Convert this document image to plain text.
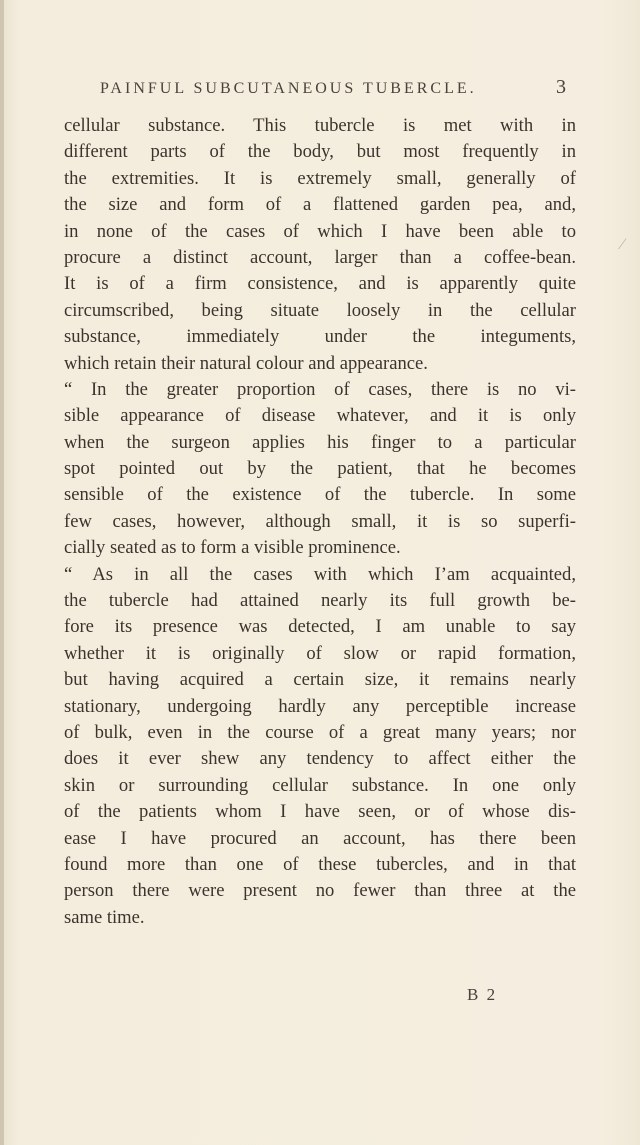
PAINFUL SUBCUTANEOUS TUBERCLE.	3
⁄
cellular substance. This tubercle is met with in
different parts of the body, but most frequently in
the extremities. It is extremely small, generally of
the size and form of a flattened garden pea, and,
in none of the cases of which I have been able to
procure a distinct account, larger than a coffee-bean.
It is of a firm consistence, and is apparently quite
circumscribed, being situate loosely in the cellular
substance, immediately under the integuments,
which retain their natural colour and appearance.
“ In the greater proportion of cases, there is no vi-
sible appearance of disease whatever, and it is only
when the surgeon applies his finger to a particular
spot pointed out by the patient, that he becomes
sensible of the existence of the tubercle. In some
few cases, however, although small, it is so superfi-
cially seated as to form a visible prominence.
“ As in all the cases with which I’am acquainted,
the tubercle had attained nearly its full growth be-
fore its presence was detected, I am unable to say
whether it is originally of slow or rapid formation,
but having acquired a certain size, it remains nearly
stationary, undergoing hardly any perceptible increase
of bulk, even in the course of a great many years; nor
does it ever shew any tendency to affect either the
skin or surrounding cellular substance. In one only
of the patients whom I have seen, or of whose dis-
ease I have procured an account, has there been
found more than one of these tubercles, and in that
person there were present no fewer than three at the
same time.
B 2
